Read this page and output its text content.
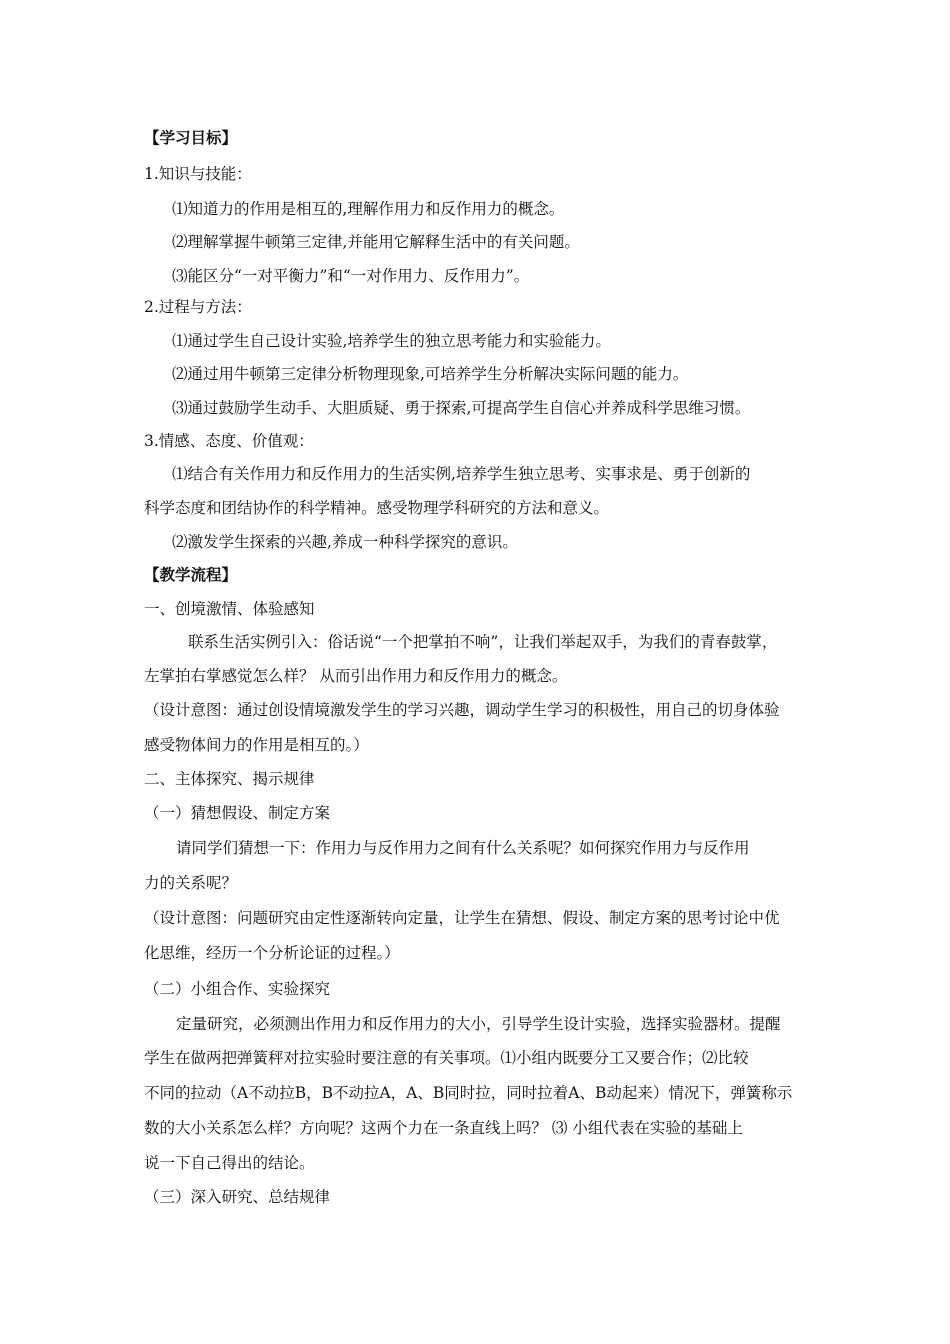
【学习目标】
1.知识与技能：
⑴知道力的作用是相互的,理解作用力和反作用力的概念。
⑵理解掌握牛顿第三定律,并能用它解释生活中的有关问题。
⑶能区分“一对平衡力”和“一对作用力、反作用力”。
2.过程与方法：
⑴通过学生自己设计实验,培养学生的独立思考能力和实验能力。
⑵通过用牛顿第三定律分析物理现象,可培养学生分析解决实际问题的能力。
⑶通过鼓励学生动手、大胆质疑、勇于探索,可提高学生自信心并养成科学思维习惯。
3.情感、态度、价值观：
⑴结合有关作用力和反作用力的生活实例,培养学生独立思考、实事求是、勇于创新的
科学态度和团结协作的科学精神。感受物理学科研究的方法和意义。
⑵激发学生探索的兴趣,养成一种科学探究的意识。
【教学流程】
一、创境激情、体验感知
联系生活实例引入：俗话说“一个把掌拍不响”，让我们举起双手，为我们的青春鼓掌，
左掌拍右掌感觉怎么样？ 从而引出作用力和反作用力的概念。
（设计意图：通过创设情境激发学生的学习兴趣，调动学生学习的积极性，用自己的切身体验
感受物体间力的作用是相互的。）
二、主体探究、揭示规律
（一）猜想假设、制定方案
请同学们猜想一下：作用力与反作用力之间有什么关系呢？如何探究作用力与反作用
力的关系呢？
（设计意图：问题研究由定性逐渐转向定量，让学生在猜想、假设、制定方案的思考讨论中优
化思维，经历一个分析论证的过程。）
（二）小组合作、实验探究
定量研究，必须测出作用力和反作用力的大小，引导学生设计实验，选择实验器材。提醒
学生在做两把弹簧秤对拉实验时要注意的有关事项。⑴小组内既要分工又要合作；⑵比较
不同的拉动（A不动拉B，B不动拉A，A、B同时拉，同时拉着A、B动起来）情况下，弹簧称示
数的大小关系怎么样？方向呢？这两个力在一条直线上吗？ ⑶ 小组代表在实验的基础上
说一下自己得出的结论。
（三）深入研究、总结规律
